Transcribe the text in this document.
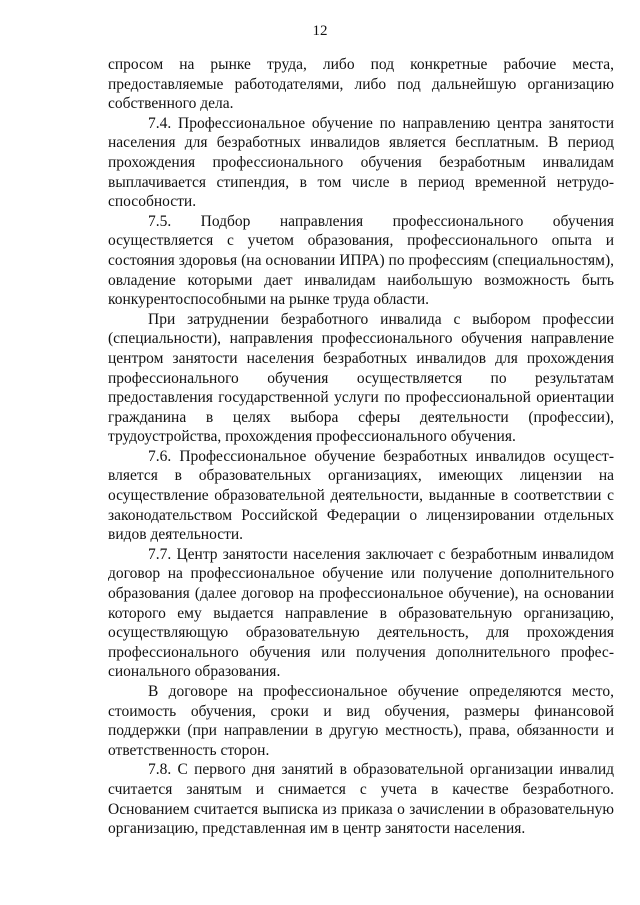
12

спросом на рынке труда, либо под конкретные рабочие места, предоставляемые работодателями, либо под дальнейшую организацию собственного дела.

7.4. Профессиональное обучение по направлению центра занятости населения для безработных инвалидов является бесплатным. В период прохождения профессионального обучения безработным инвалидам выплачивается стипендия, в том числе в период временной нетрудоспособности.

7.5. Подбор направления профессионального обучения осуществляется с учетом образования, профессионального опыта и состояния здоровья (на основании ИПРА) по профессиям (специальностям), овладение которыми дает инвалидам наибольшую возможность быть конкурентоспособными на рынке труда области.

При затруднении безработного инвалида с выбором профессии (специальности), направления профессионального обучения направление центром занятости населения безработных инвалидов для прохождения профессионального обучения осуществляется по результатам предоставления государственной услуги по профессиональной ориентации гражданина в целях выбора сферы деятельности (профессии), трудоустройства, прохождения профессионального обучения.

7.6. Профессиональное обучение безработных инвалидов осуществляется в образовательных организациях, имеющих лицензии на осуществление образовательной деятельности, выданные в соответствии с законодательством Российской Федерации о лицензировании отдельных видов деятельности.

7.7. Центр занятости населения заключает с безработным инвалидом договор на профессиональное обучение или получение дополнительного образования (далее договор на профессиональное обучение), на основании которого ему выдается направление в образовательную организацию, осуществляющую образовательную деятельность, для прохождения профессионального обучения или получения дополнительного профессионального образования.

В договоре на профессиональное обучение определяются место, стоимость обучения, сроки и вид обучения, размеры финансовой поддержки (при направлении в другую местность), права, обязанности и ответственность сторон.

7.8. С первого дня занятий в образовательной организации инвалид считается занятым и снимается с учета в качестве безработного. Основанием считается выписка из приказа о зачислении в образовательную организацию, представленная им в центр занятости населения.
